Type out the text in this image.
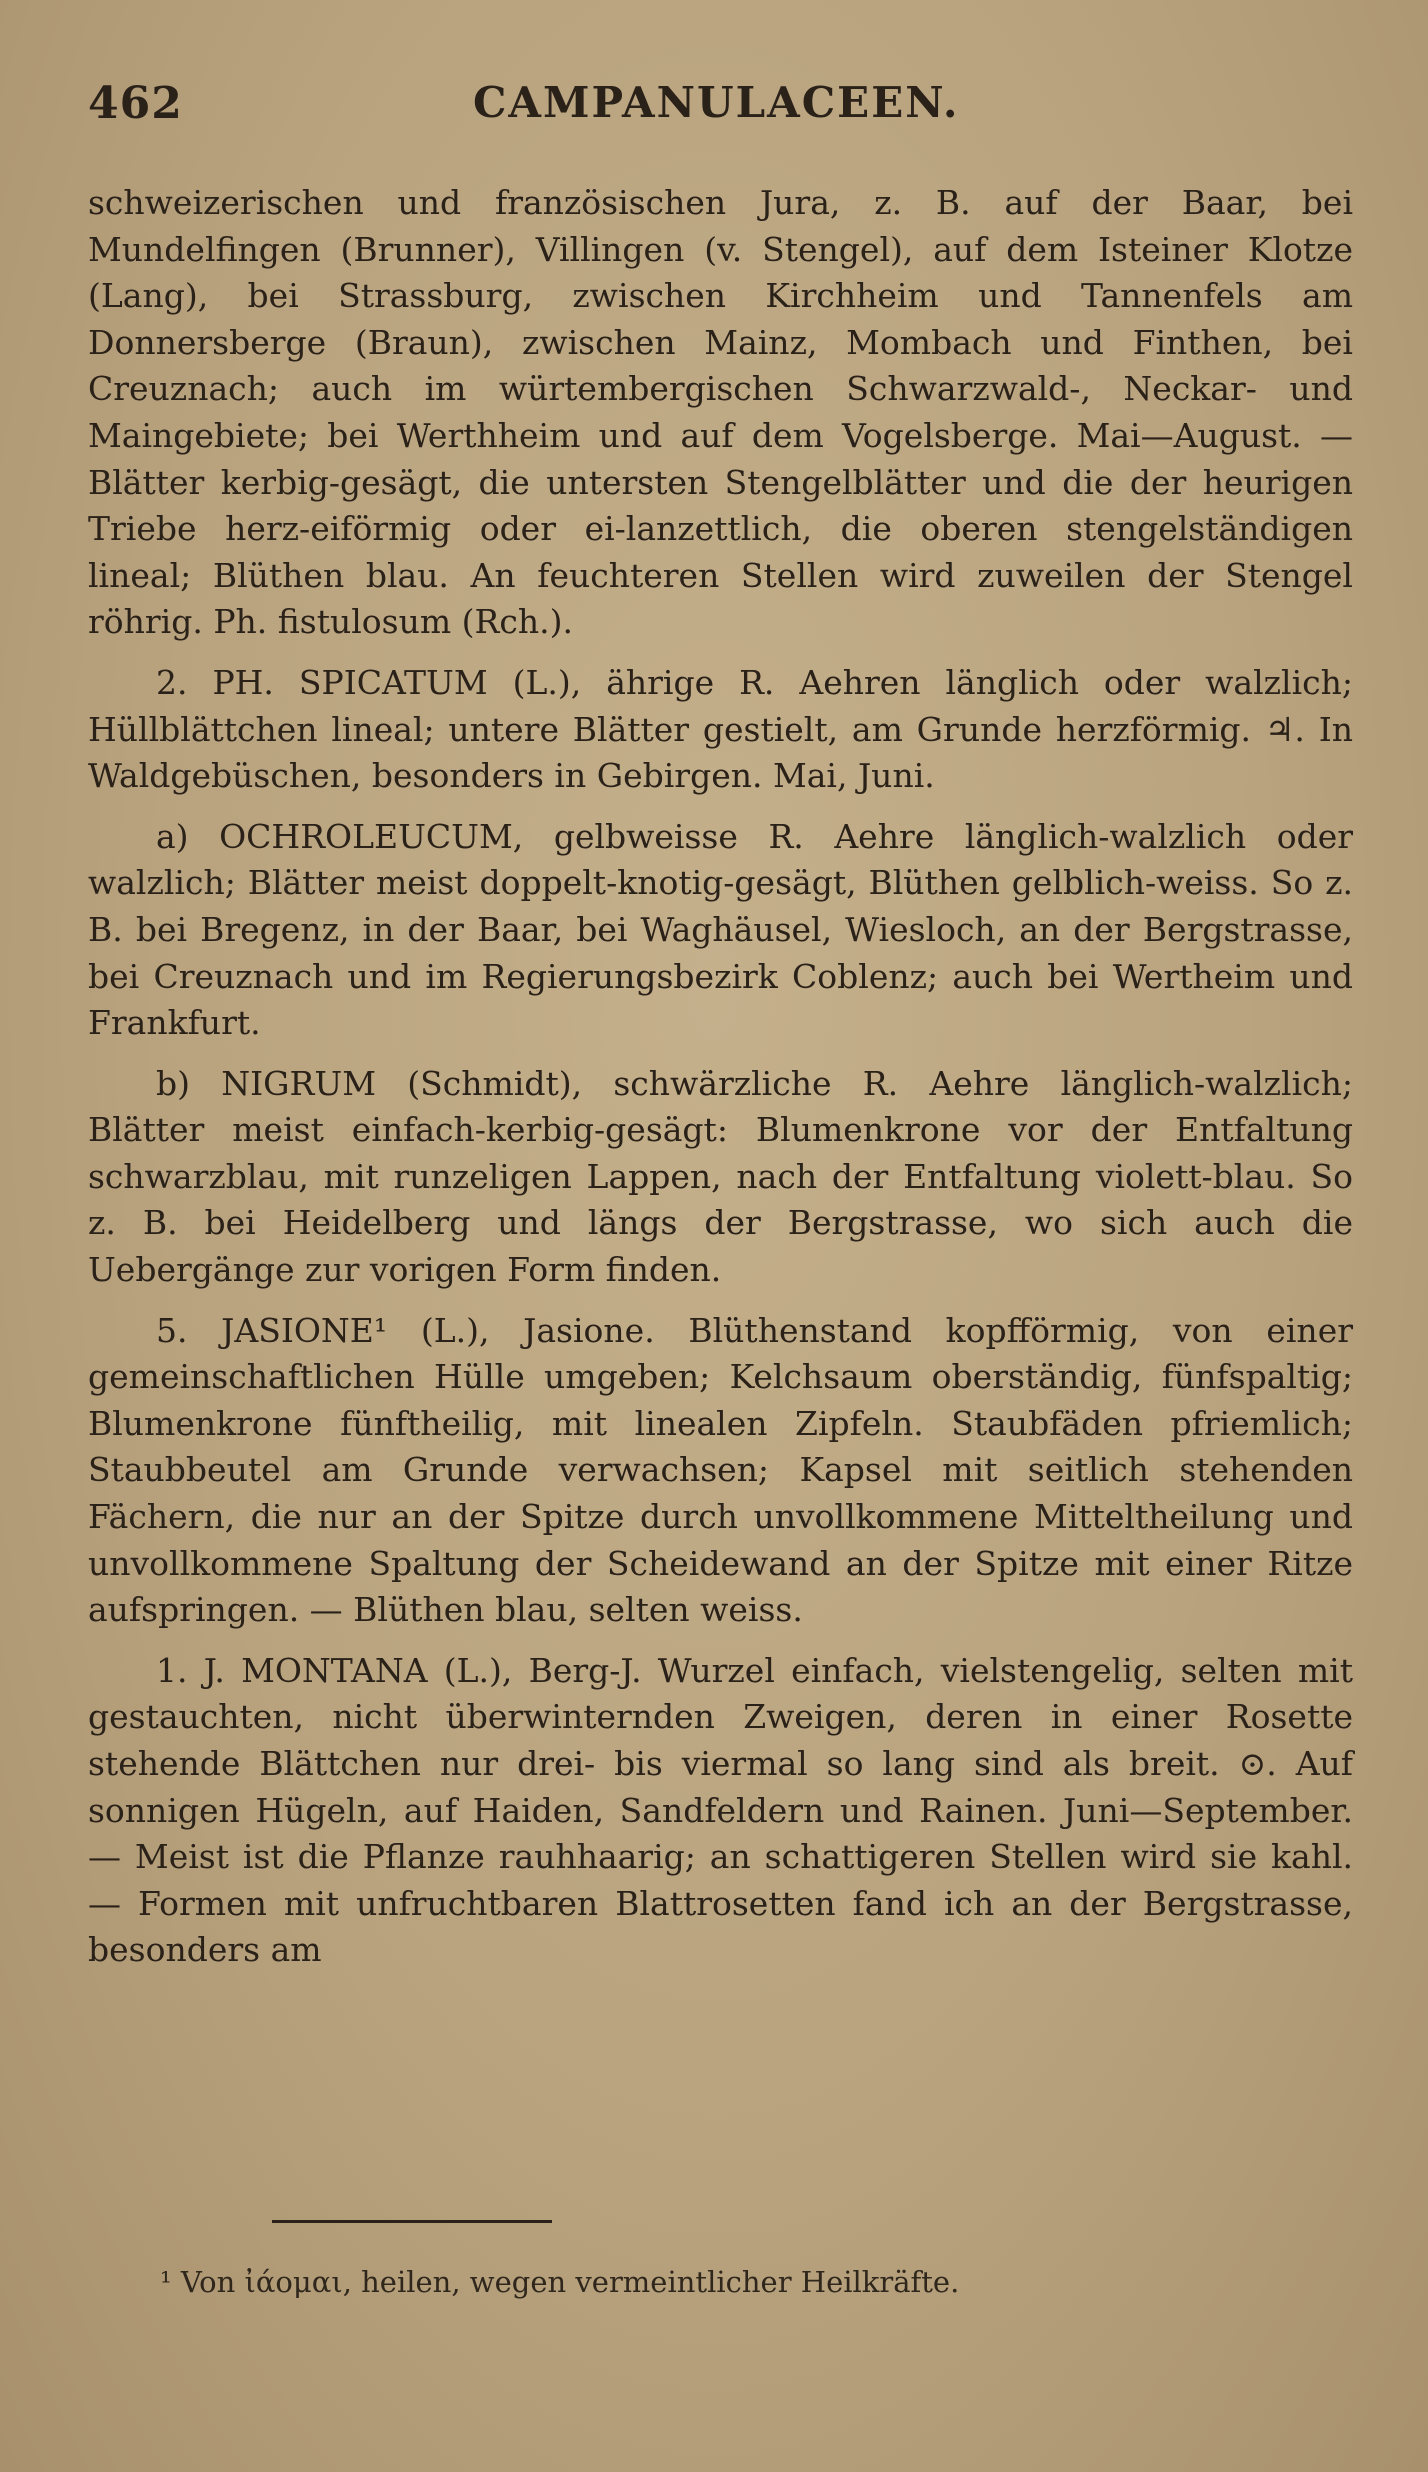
462	CAMPANULACEEN.

schweizerischen und französischen Jura, z. B. auf der Baar, bei Mundelfingen (Brunner), Villingen (v. Stengel), auf dem Isteiner Klotze (Lang), bei Strassburg, zwischen Kirchheim und Tannenfels am Donnersberge (Braun), zwischen Mainz, Mombach und Finthen, bei Creuznach; auch im würtembergischen Schwarzwald-, Neckar- und Maingebiete; bei Werthheim und auf dem Vogelsberge. Mai—August. — Blätter kerbig-gesägt, die untersten Stengelblätter und die der heurigen Triebe herz-eiförmig oder ei-lanzettlich, die oberen stengelständigen lineal; Blüthen blau. An feuchteren Stellen wird zuweilen der Stengel röhrig. Ph. fistulosum (Rch.).

2. PH. SPICATUM (L.), ährige R. Aehren länglich oder walzlich; Hüllblättchen lineal; untere Blätter gestielt, am Grunde herzförmig. ♃. In Waldgebüschen, besonders in Gebirgen. Mai, Juni.

a) OCHROLEUCUM, gelbweisse R. Aehre länglich-walzlich oder walzlich; Blätter meist doppelt-knotig-gesägt, Blüthen gelblich-weiss. So z. B. bei Bregenz, in der Baar, bei Waghäusel, Wiesloch, an der Bergstrasse, bei Creuznach und im Regierungsbezirk Coblenz; auch bei Wertheim und Frankfurt.

b) NIGRUM (Schmidt), schwärzliche R. Aehre länglich-walzlich; Blätter meist einfach-kerbig-gesägt: Blumenkrone vor der Entfaltung schwarzblau, mit runzeligen Lappen, nach der Entfaltung violett-blau. So z. B. bei Heidelberg und längs der Bergstrasse, wo sich auch die Uebergänge zur vorigen Form finden.

5. JASIONE¹ (L.), Jasione. Blüthenstand kopfförmig, von einer gemeinschaftlichen Hülle umgeben; Kelchsaum oberständig, fünfspaltig; Blumenkrone fünftheilig, mit linealen Zipfeln. Staubfäden pfriemlich; Staubbeutel am Grunde verwachsen; Kapsel mit seitlich stehenden Fächern, die nur an der Spitze durch unvollkommene Mitteltheilung und unvollkommene Spaltung der Scheidewand an der Spitze mit einer Ritze aufspringen. — Blüthen blau, selten weiss.

1. J. MONTANA (L.), Berg-J. Wurzel einfach, vielstengelig, selten mit gestauchten, nicht überwinternden Zweigen, deren in einer Rosette stehende Blättchen nur drei- bis viermal so lang sind als breit. ⊙. Auf sonnigen Hügeln, auf Haiden, Sandfeldern und Rainen. Juni—September. — Meist ist die Pflanze rauhhaarig; an schattigeren Stellen wird sie kahl. — Formen mit unfruchtbaren Blattrosetten fand ich an der Bergstrasse, besonders am

¹ Von ἰάομαι, heilen, wegen vermeintlicher Heilkräfte.
